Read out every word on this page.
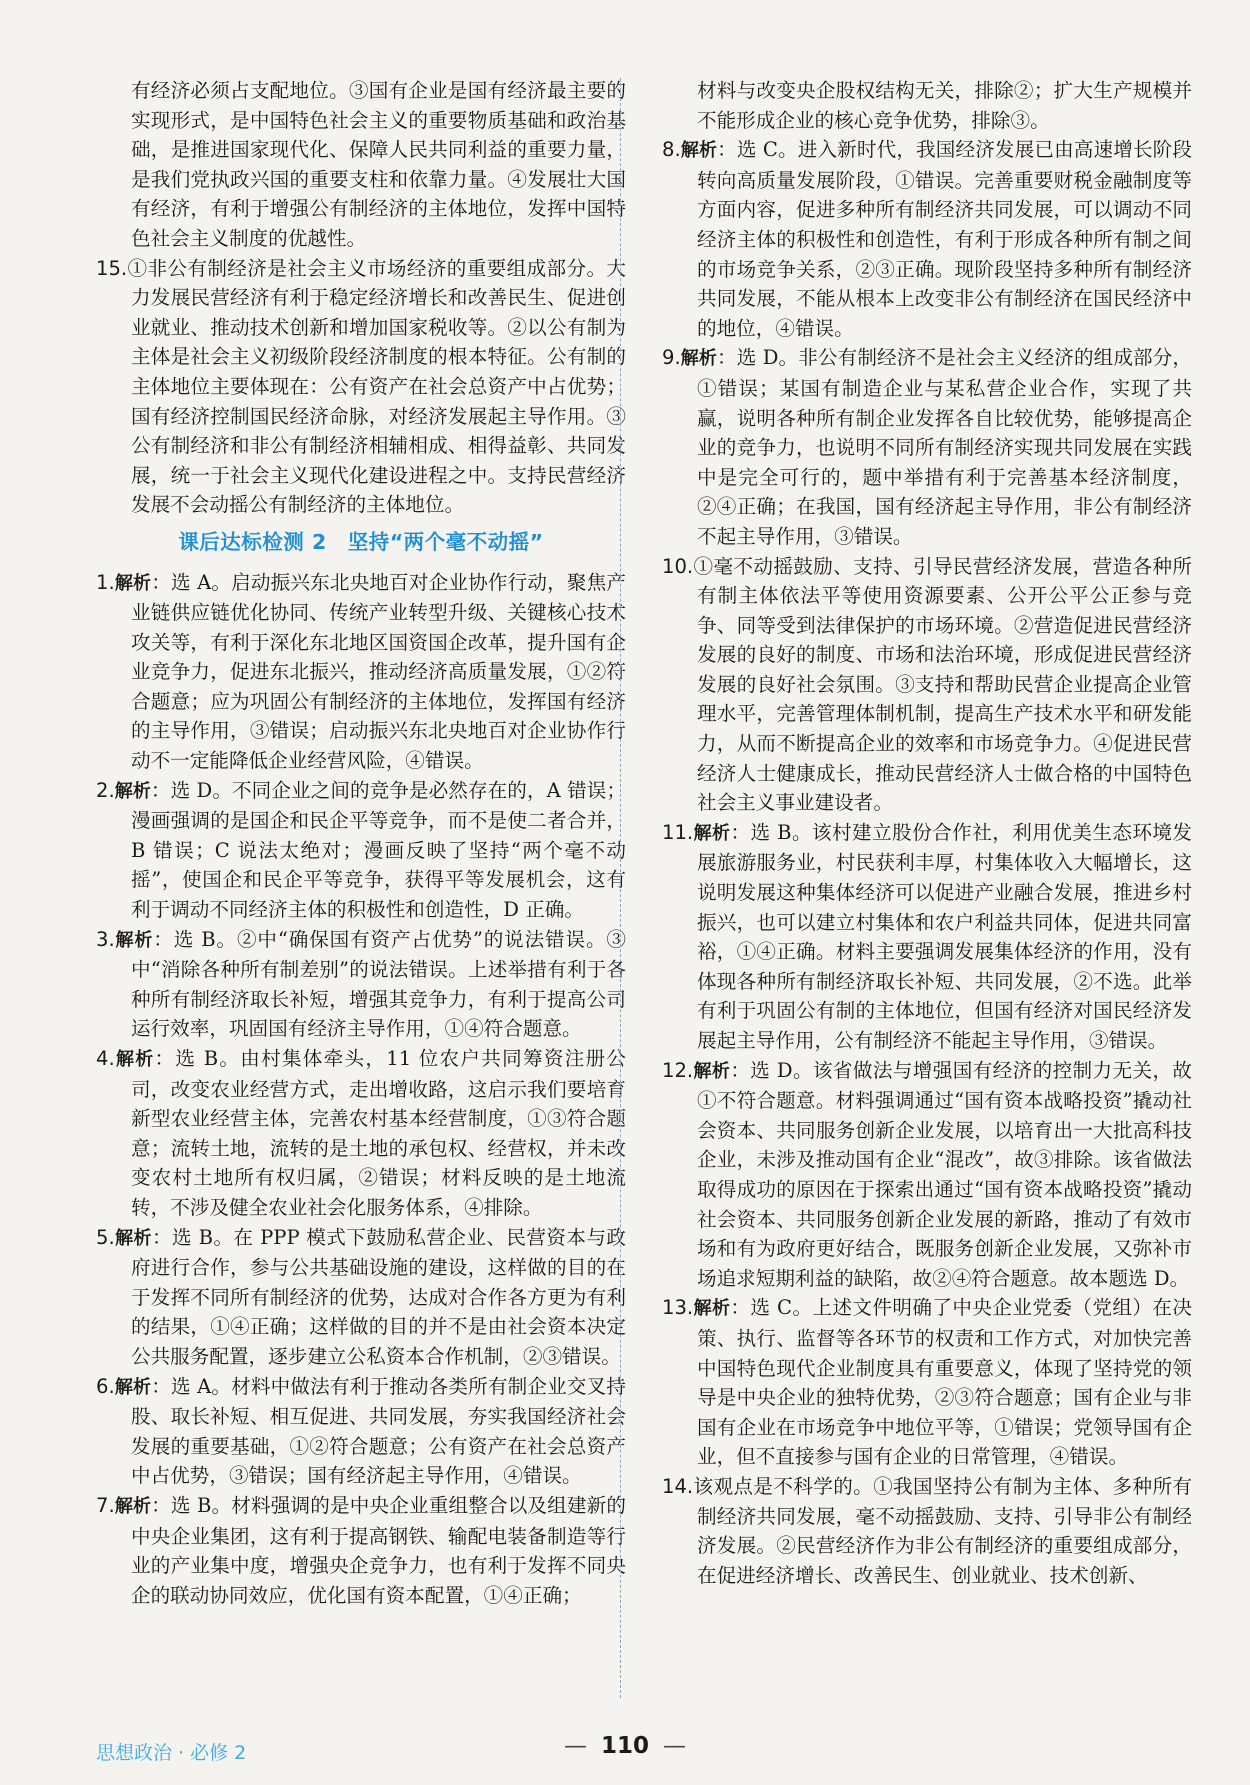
有经济必须占支配地位。③国有企业是国有经济最主要的实现形式，是中国特色社会主义的重要物质基础和政治基础，是推进国家现代化、保障人民共同利益的重要力量，是我们党执政兴国的重要支柱和依靠力量。④发展壮大国有经济，有利于增强公有制经济的主体地位，发挥中国特色社会主义制度的优越性。

15.①非公有制经济是社会主义市场经济的重要组成部分。大力发展民营经济有利于稳定经济增长和改善民生、促进创业就业、推动技术创新和增加国家税收等。②以公有制为主体是社会主义初级阶段经济制度的根本特征。公有制的主体地位主要体现在：公有资产在社会总资产中占优势；国有经济控制国民经济命脉，对经济发展起主导作用。③公有制经济和非公有制经济相辅相成、相得益彰、共同发展，统一于社会主义现代化建设进程之中。支持民营经济发展不会动摇公有制经济的主体地位。

课后达标检测 2　坚持“两个毫不动摇”

1.解析：选 A。启动振兴东北央地百对企业协作行动，聚焦产业链供应链优化协同、传统产业转型升级、关键核心技术攻关等，有利于深化东北地区国资国企改革，提升国有企业竞争力，促进东北振兴，推动经济高质量发展，①②符合题意；应为巩固公有制经济的主体地位，发挥国有经济的主导作用，③错误；启动振兴东北央地百对企业协作行动不一定能降低企业经营风险，④错误。

2.解析：选 D。不同企业之间的竞争是必然存在的，A 错误；漫画强调的是国企和民企平等竞争，而不是使二者合并，B 错误；C 说法太绝对；漫画反映了坚持“两个毫不动摇”，使国企和民企平等竞争，获得平等发展机会，这有利于调动不同经济主体的积极性和创造性，D 正确。

3.解析：选 B。②中“确保国有资产占优势”的说法错误。③中“消除各种所有制差别”的说法错误。上述举措有利于各种所有制经济取长补短，增强其竞争力，有利于提高公司运行效率，巩固国有经济主导作用，①④符合题意。

4.解析：选 B。由村集体牵头，11 位农户共同筹资注册公司，改变农业经营方式，走出增收路，这启示我们要培育新型农业经营主体，完善农村基本经营制度，①③符合题意；流转土地，流转的是土地的承包权、经营权，并未改变农村土地所有权归属，②错误；材料反映的是土地流转，不涉及健全农业社会化服务体系，④排除。

5.解析：选 B。在 PPP 模式下鼓励私营企业、民营资本与政府进行合作，参与公共基础设施的建设，这样做的目的在于发挥不同所有制经济的优势，达成对合作各方更为有利的结果，①④正确；这样做的目的并不是由社会资本决定公共服务配置，逐步建立公私资本合作机制，②③错误。

6.解析：选 A。材料中做法有利于推动各类所有制企业交叉持股、取长补短、相互促进、共同发展，夯实我国经济社会发展的重要基础，①②符合题意；公有资产在社会总资产中占优势，③错误；国有经济起主导作用，④错误。

7.解析：选 B。材料强调的是中央企业重组整合以及组建新的中央企业集团，这有利于提高钢铁、输配电装备制造等行业的产业集中度，增强央企竞争力，也有利于发挥不同央企的联动协同效应，优化国有资本配置，①④正确；

材料与改变央企股权结构无关，排除②；扩大生产规模并不能形成企业的核心竞争优势，排除③。

8.解析：选 C。进入新时代，我国经济发展已由高速增长阶段转向高质量发展阶段，①错误。完善重要财税金融制度等方面内容，促进多种所有制经济共同发展，可以调动不同经济主体的积极性和创造性，有利于形成各种所有制之间的市场竞争关系，②③正确。现阶段坚持多种所有制经济共同发展，不能从根本上改变非公有制经济在国民经济中的地位，④错误。

9.解析：选 D。非公有制经济不是社会主义经济的组成部分，①错误；某国有制造企业与某私营企业合作，实现了共赢，说明各种所有制企业发挥各自比较优势，能够提高企业的竞争力，也说明不同所有制经济实现共同发展在实践中是完全可行的，题中举措有利于完善基本经济制度，②④正确；在我国，国有经济起主导作用，非公有制经济不起主导作用，③错误。

10.①毫不动摇鼓励、支持、引导民营经济发展，营造各种所有制主体依法平等使用资源要素、公开公平公正参与竞争、同等受到法律保护的市场环境。②营造促进民营经济发展的良好的制度、市场和法治环境，形成促进民营经济发展的良好社会氛围。③支持和帮助民营企业提高企业管理水平，完善管理体制机制，提高生产技术水平和研发能力，从而不断提高企业的效率和市场竞争力。④促进民营经济人士健康成长，推动民营经济人士做合格的中国特色社会主义事业建设者。

11.解析：选 B。该村建立股份合作社，利用优美生态环境发展旅游服务业，村民获利丰厚，村集体收入大幅增长，这说明发展这种集体经济可以促进产业融合发展，推进乡村振兴，也可以建立村集体和农户利益共同体，促进共同富裕，①④正确。材料主要强调发展集体经济的作用，没有体现各种所有制经济取长补短、共同发展，②不选。此举有利于巩固公有制的主体地位，但国有经济对国民经济发展起主导作用，公有制经济不能起主导作用，③错误。

12.解析：选 D。该省做法与增强国有经济的控制力无关，故①不符合题意。材料强调通过“国有资本战略投资”撬动社会资本、共同服务创新企业发展，以培育出一大批高科技企业，未涉及推动国有企业“混改”，故③排除。该省做法取得成功的原因在于探索出通过“国有资本战略投资”撬动社会资本、共同服务创新企业发展的新路，推动了有效市场和有为政府更好结合，既服务创新企业发展，又弥补市场追求短期利益的缺陷，故②④符合题意。故本题选 D。

13.解析：选 C。上述文件明确了中央企业党委（党组）在决策、执行、监督等各环节的权责和工作方式，对加快完善中国特色现代企业制度具有重要意义，体现了坚持党的领导是中央企业的独特优势，②③符合题意；国有企业与非国有企业在市场竞争中地位平等，①错误；党领导国有企业，但不直接参与国有企业的日常管理，④错误。

14.该观点是不科学的。①我国坚持公有制为主体、多种所有制经济共同发展，毫不动摇鼓励、支持、引导非公有制经济发展。②民营经济作为非公有制经济的重要组成部分，在促进经济增长、改善民生、创业就业、技术创新、

思想政治 · 必修 2	— 110 —
